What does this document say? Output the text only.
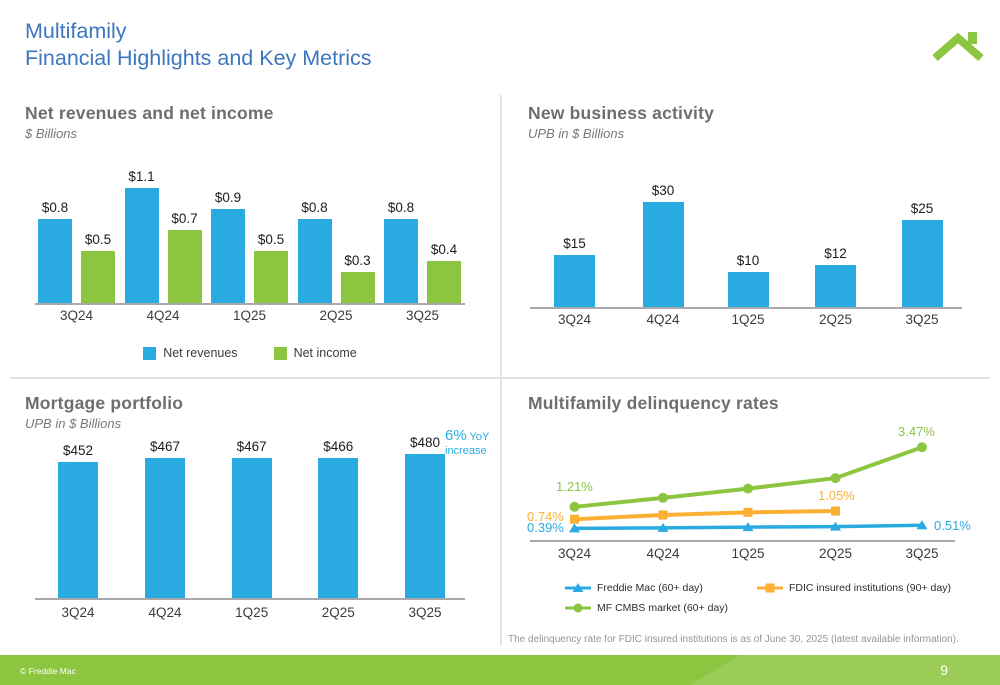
Multifamily
Financial Highlights and Key Metrics
Net revenues and net income
$ Billions
$0.8
$1.1
$0.9
$0.8	$0.8
$0.5
$0.7
$0.5
$0.3
$0.4
3Q24	4Q24	1Q25	2Q25	3Q25
Net revenues	Net income
New business activity
UPB in $ Billions
$15
$30
$10	$12
$25
3Q24	4Q24	1Q25	2Q25	3Q25
Mortgage portfolio
UPB in $ Billions
$452	$467	$467	$466	$480
3Q24	4Q24	1Q25	2Q25	3Q25
6% YoY
increase
Multifamily delinquency rates
3Q24	4Q24	1Q25	2Q25	3Q25
Freddie Mac (60+ day)	FDIC insured institutions (90+ day)
MF CMBS market (60+ day)
The delinquency rate for FDIC insured institutions is as of June 30, 2025 (latest available information).
© Freddie Mac	9
1.21%
3.47%
0.74%
0.39%
1.05%
0.51%
